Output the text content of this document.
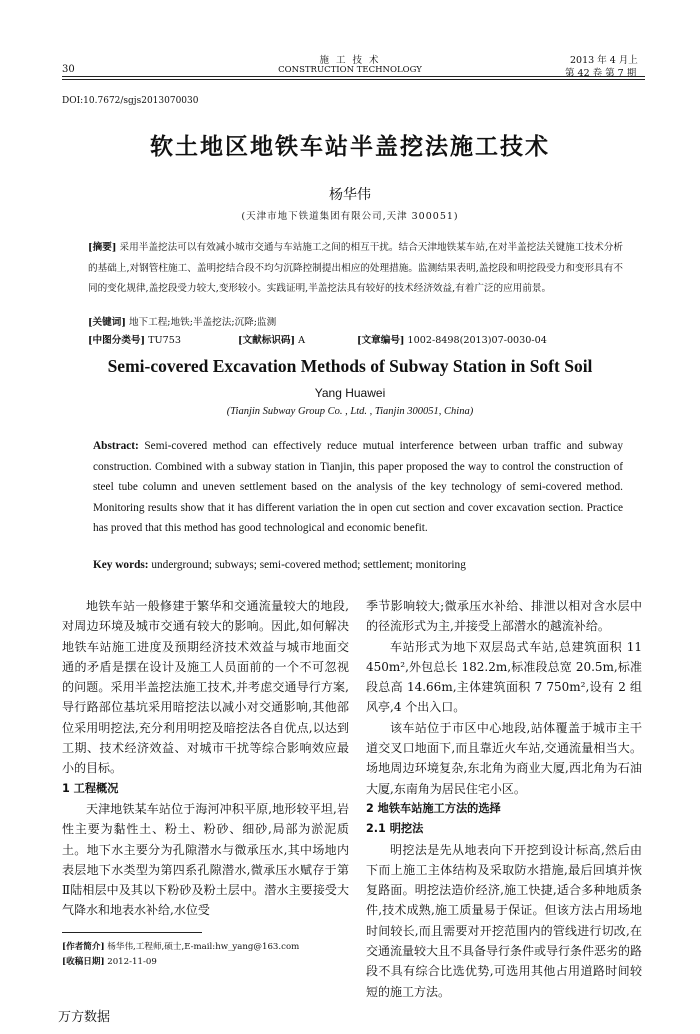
30
施 工 技 术
CONSTRUCTION TECHNOLOGY
2013 年 4 月上
第 42 卷 第 7 期
DOI:10.7672/sgjs2013070030
软土地区地铁车站半盖挖法施工技术
杨华伟
(天津市地下铁道集团有限公司,天津 300051)
[摘要] 采用半盖挖法可以有效减小城市交通与车站施工之间的相互干扰。结合天津地铁某车站,在对半盖挖法关键施工技术分析的基础上,对钢管柱施工、盖明挖结合段不均匀沉降控制提出相应的处理措施。监测结果表明,盖挖段和明挖段受力和变形具有不同的变化规律,盖挖段受力较大,变形较小。实践证明,半盖挖法具有较好的技术经济效益,有着广泛的应用前景。
[关键词] 地下工程;地铁;半盖挖法;沉降;监测
[中图分类号] TU753	[文献标识码] A	[文章编号] 1002-8498(2013)07-0030-04
Semi-covered Excavation Methods of Subway Station in Soft Soil
Yang Huawei
(Tianjin Subway Group Co. , Ltd. , Tianjin 300051, China)
Abstract: Semi-covered method can effectively reduce mutual interference between urban traffic and subway construction. Combined with a subway station in Tianjin, this paper proposed the way to control the construction of steel tube column and uneven settlement based on the analysis of the key technology of semi-covered method. Monitoring results show that it has different variation the in open cut section and cover excavation section. Practice has proved that this method has good technological and economic benefit.
Key words: underground; subways; semi-covered method; settlement; monitoring

地铁车站一般修建于繁华和交通流量较大的地段,对周边环境及城市交通有较大的影响。因此,如何解决地铁车站施工进度及预期经济技术效益与城市地面交通的矛盾是摆在设计及施工人员面前的一个不可忽视的问题。采用半盖挖法施工技术,并考虑交通导行方案,导行路部位基坑采用暗挖法以减小对交通影响,其他部位采用明挖法,充分利用明挖及暗挖法各自优点,以达到工期、技术经济效益、对城市干扰等综合影响效应最小的目标。

1 工程概况

天津地铁某车站位于海河冲积平原,地形较平坦,岩性主要为黏性土、粉土、粉砂、细砂,局部为淤泥质土。地下水主要分为孔隙潜水与微承压水,其中场地内表层地下水类型为第四系孔隙潜水,微承压水赋存于第Ⅱ陆相层中及其以下粉砂及粉土层中。潜水主要接受大气降水和地表水补给,水位受

季节影响较大;微承压水补给、排泄以相对含水层中的径流形式为主,并接受上部潜水的越流补给。

车站形式为地下双层岛式车站,总建筑面积 11 450m²,外包总长 182.2m,标准段总宽 20.5m,标准段总高 14.66m,主体建筑面积 7 750m²,设有 2 组风亭,4 个出入口。

该车站位于市区中心地段,站体覆盖于城市主干道交叉口地面下,而且靠近火车站,交通流量相当大。场地周边环境复杂,东北角为商业大厦,西北角为石油大厦,东南角为居民住宅小区。

2 地铁车站施工方法的选择

2.1 明挖法

明挖法是先从地表向下开挖到设计标高,然后由下而上施工主体结构及采取防水措施,最后回填并恢复路面。明挖法造价经济,施工快捷,适合多种地质条件,技术成熟,施工质量易于保证。但该方法占用场地时间较长,而且需要对开挖范围内的管线进行切改,在交通流量较大且不具备导行条件或导行条件恶劣的路段不具有综合比选优势,可选用其他占用道路时间较短的施工方法。

[作者简介] 杨华伟,工程师,硕士,E-mail:hw_yang@163.com
[收稿日期] 2012-11-09
万方数据
